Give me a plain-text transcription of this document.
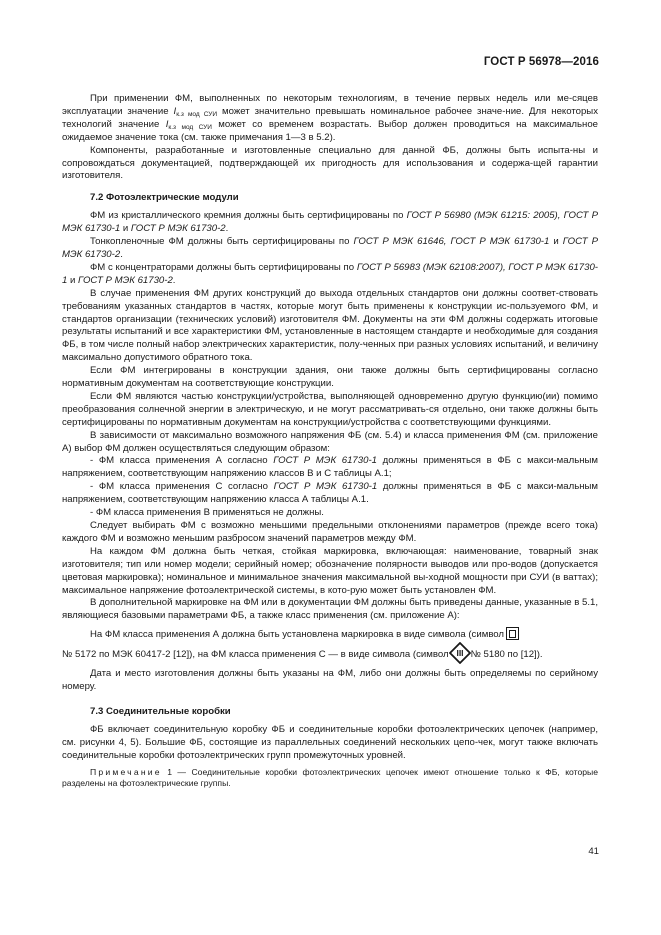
ГОСТ Р 56978—2016

При применении ФМ, выполненных по некоторым технологиям, в течение первых недель или ме-сяцев эксплуатации значение $I_{к.з мод СУИ}$ может значительно превышать номинальное рабочее значе-ние. Для некоторых технологий значение $I_{к.з мод СУИ}$ может со временем возрастать. Выбор должен проводиться на максимальное ожидаемое значение тока (см. также примечания 1—3 в 5.2).

Компоненты, разработанные и изготовленные специально для данной ФБ, должны быть испыта-ны и сопровождаться документацией, подтверждающей их пригодность для использования и содержа-щей гарантии изготовителя.

7.2 Фотоэлектрические модули

ФМ из кристаллического кремния должны быть сертифицированы по ГОСТ Р 56980 (МЭК 61215: 2005), ГОСТ Р МЭК 61730-1 и ГОСТ Р МЭК 61730-2.

Тонкопленочные ФМ должны быть сертифицированы по ГОСТ Р МЭК 61646, ГОСТ Р МЭК 61730-1 и ГОСТ Р МЭК 61730-2.

ФМ с концентраторами должны быть сертифицированы по ГОСТ Р 56983 (МЭК 62108:2007), ГОСТ Р МЭК 61730-1 и ГОСТ Р МЭК 61730-2.

В случае применения ФМ других конструкций до выхода отдельных стандартов они должны соответ-ствовать требованиям указанных стандартов в частях, которые могут быть применены к конструкции ис-пользуемого ФМ, и стандартов организации (технических условий) изготовителя ФМ. Документы на эти ФМ должны содержать итоговые результаты испытаний и все характеристики ФМ, установленные в настоящем стандарте и необходимые для создания ФБ, в том числе полный набор электрических характеристик, полу-ченных при разных условиях испытаний, и величину максимально допустимого обратного тока.

Если ФМ интегрированы в конструкции здания, они также должны быть сертифицированы согласно нормативным документам на соответствующие конструкции.

Если ФМ являются частью конструкции/устройства, выполняющей одновременно другую функцию(ии) помимо преобразования солнечной энергии в электрическую, и не могут рассматривать-ся отдельно, они также должны быть сертифицированы по нормативным документам на конструкции/устройства с соответствующими функциями.

В зависимости от максимально возможного напряжения ФБ (см. 5.4) и класса применения ФМ (см. приложение А) выбор ФМ должен осуществляться следующим образом:

- ФМ класса применения А согласно ГОСТ Р МЭК 61730-1 должны применяться в ФБ с макси-мальным напряжением, соответствующим напряжению классов В и С таблицы А.1;

- ФМ класса применения С согласно ГОСТ Р МЭК 61730-1 должны применяться в ФБ с макси-мальным напряжением, соответствующим напряжению класса А таблицы А.1.

- ФМ класса применения В применяться не должны.

Следует выбирать ФМ с возможно меньшими предельными отклонениями параметров (прежде всего тока) каждого ФМ и возможно меньшим разбросом значений параметров между ФМ.

На каждом ФМ должна быть четкая, стойкая маркировка, включающая: наименование, товарный знак изготовителя; тип или номер модели; серийный номер; обозначение полярности выводов или про-водов (допускается цветовая маркировка); номинальное и минимальное значения максимальной вы-ходной мощности при СУИ (в ваттах); максимальное напряжение фотоэлектрической системы, в кото-рую может быть установлен ФМ.

В дополнительной маркировке на ФМ или в документации ФМ должны быть приведены данные, указанные в 5.1, являющиеся базовыми параметрами ФБ, а также класс применения (см. приложение А):

На ФМ класса применения А должна быть установлена маркировка в виде символа (символ

№ 5172 по МЭК 60417-2 [12]), на ФМ класса применения С — в виде символа (символ III № 5180 по [12]).

Дата и место изготовления должны быть указаны на ФМ, либо они должны быть определяемы по серийному номеру.

7.3 Соединительные коробки

ФБ включает соединительную коробку ФБ и соединительные коробки фотоэлектрических цепочек (например, см. рисунки 4, 5). Большие ФБ, состоящие из параллельных соединений нескольких цепо-чек, могут также включать соединительные коробки фотоэлектрических групп промежуточных уровней.

Примечание 1 — Соединительные коробки фотоэлектрических цепочек имеют отношение только к ФБ, которые разделены на фотоэлектрические группы.

41
